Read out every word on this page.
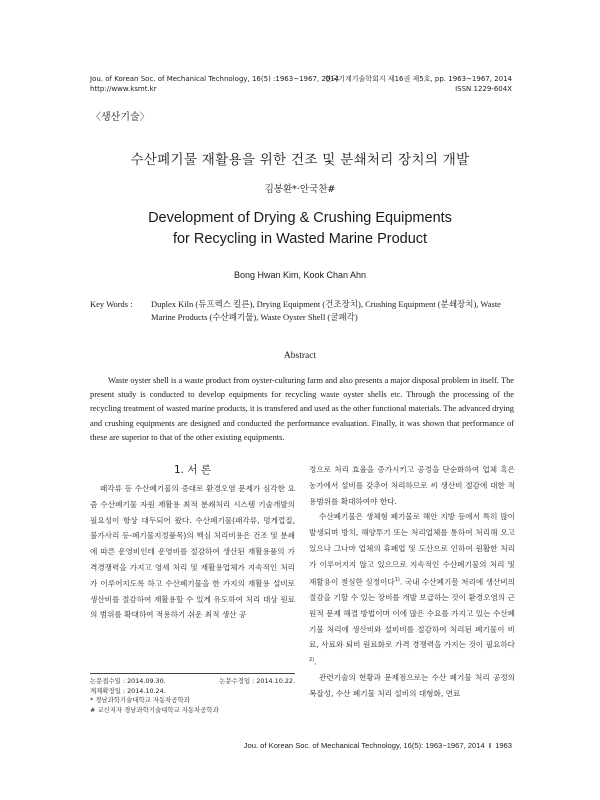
Jou. of Korean Soc. of Mechanical Technology, 16(5) :1963~1967, 2014
http://www.ksmt.kr
한국기계기술학회지 제16권 제5호, pp. 1963~1967, 2014
ISSN 1229-604X
〈생산기술〉
수산폐기물 재활용을 위한 건조 및 분쇄처리 장치의 개발
김봉환*·안국찬#
Development of Drying & Crushing Equipments
for Recycling in Wasted Marine Product
Bong Hwan Kim, Kook Chan Ahn
Key Words : Duplex Kiln (듀프렉스 킬른), Drying Equipment (건조장치), Crushing Equipment (분쇄장치), Waste Marine Products (수산폐기물), Waste Oyster Shell (굴패각)
Abstract

Waste oyster shell is a waste product from oyster-culturing farm and also presents a major disposal problem in itself. The present study is conducted to develop equipments for recycling waste oyster shells etc. Through the processing of the recycling treatment of wasted marine products, it is transfered and used as the other functional materials. The advanced drying and crushing equipments are designed and conducted the performance evaluation. Finally, it was shown that performance of these are superior to that of the other existing equipments.

1. 서 론

패각류 등 수산폐기물의 증대로 환경오염 문제가 심각한 요즘 수산폐기물 자원 재활용 최적 분쇄처리 시스템 기술개발의 필요성이 항상 대두되어 왔다. 수산폐기물(패각류, 멍게껍질, 불가사리 등-폐기물지정품목)의 핵심 처리비용은 건조 및 분쇄에 따른 운영비인데 운영비를 절감하여 생산된 재활용품의 가격경쟁력을 가지고 영세 처리 및 재활용업체가 지속적인 처리가 이루어지도록 하고 수산폐기물을 한 가지의 재활용 설비로 생산비를 절감하여 재활용할 수 있게 유도하여 처리 대상 원료의 범위를 확대하여 적용하기 쉬운 최적 생산 공

정으로 처리 효율을 증가시키고 공정을 단순화하여 업체 혹은 농가에서 설비를 갖추어 처리하므로 씨 생산비 절감에 대한 적용범위를 확대하여야 한다.

수산폐기물은 생체형 폐기물로 해안 지방 등에서 특히 많이 발생되며 방치, 해양투기 또는 처리업체를 통하여 처리해 오고 있으나 그나마 업체의 휴폐업 및 도산으로 인하여 원활한 처리가 이루어지지 않고 있으므로 지속적인 수산폐기물의 처리 및 재활용이 절실한 실정이다$^{1)}$. 국내 수산폐기물 처리에 생산비의 절감을 기할 수 있는 장비를 개발 보급하는 것이 환경오염의 근원적 문제 해결 방법이며 이에 많은 수요를 가지고 있는 수산폐기물 처리에 생산비와 설비비를 절감하여 처리된 폐기물이 비료, 사료와 퇴비 원료화로 가격 경쟁력을 가지는 것이 필요하다$^{2)}$.

관련기술의 현황과 문제점으로는 수산 폐기물 처리 공정의 복잡성, 수산 폐기물 처리 설비의 대형화, 연료

논문접수일 : 2014.09.30.	논문수정일 : 2014.10.22.
게재확정일 : 2014.10.24.
* 경남과학기술대학교 자동차공학과
# 교신저자 경남과학기술대학교 자동차공학과
Jou. of Korean Soc. of Mechanical Technology, 16(5): 1963~1967, 2014 I 1963
